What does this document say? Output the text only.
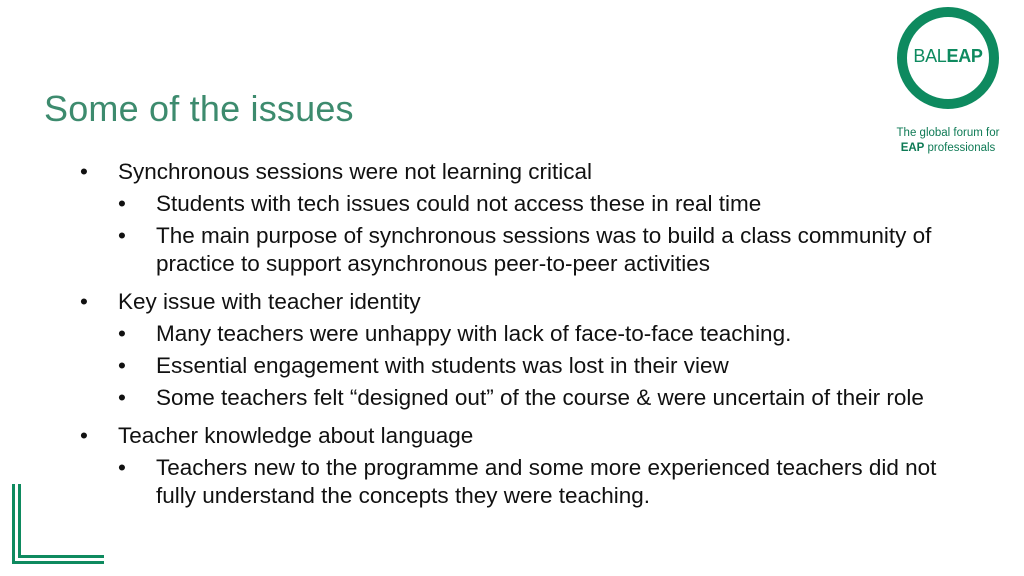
Some of the issues
BALEAP
The global forum for
EAP professionals
• Synchronous sessions were not learning critical
• Students with tech issues could not access these in real time
• The main purpose of synchronous sessions was to build a class community of practice to support asynchronous peer-to-peer activities
• Key issue with teacher identity
• Many teachers were unhappy with lack of face-to-face teaching.
• Essential engagement with students was lost in their view
• Some teachers felt “designed out” of the course & were uncertain of their role
• Teacher knowledge about language
• Teachers new to the programme and some more experienced teachers did not fully understand the concepts they were teaching.
